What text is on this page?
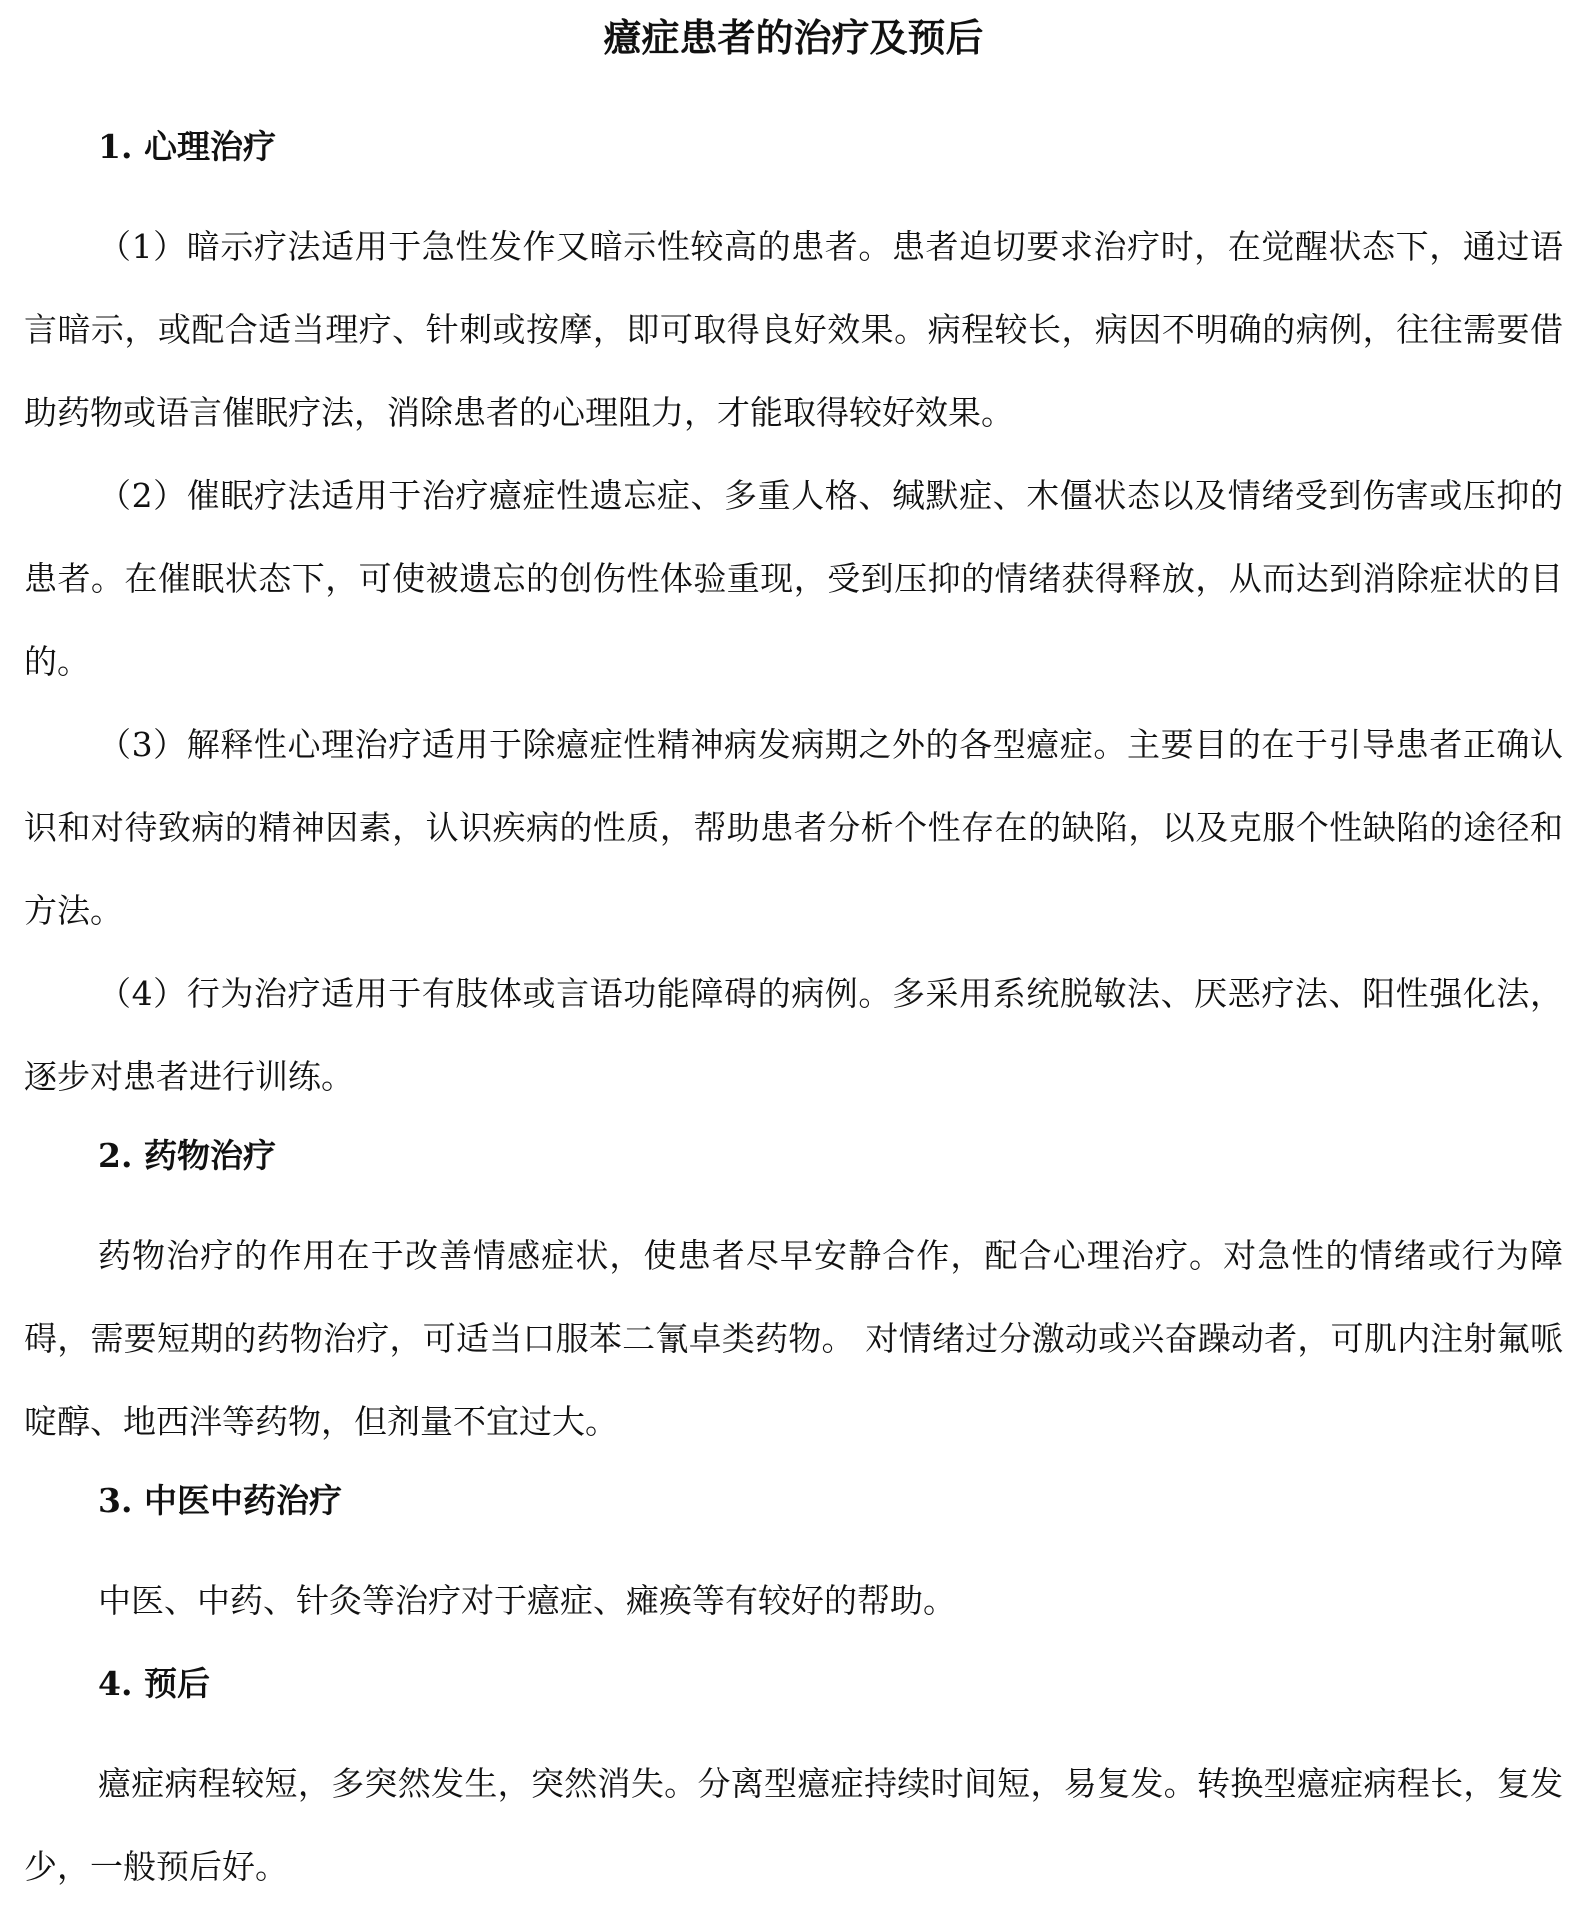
癔症患者的治疗及预后
1. 心理治疗

（1）暗示疗法适用于急性发作又暗示性较高的患者。患者迫切要求治疗时，在觉醒状态下，通过语言暗示，或配合适当理疗、针刺或按摩，即可取得良好效果。病程较长，病因不明确的病例，往往需要借助药物或语言催眠疗法，消除患者的心理阻力，才能取得较好效果。

（2）催眠疗法适用于治疗癔症性遗忘症、多重人格、缄默症、木僵状态以及情绪受到伤害或压抑的患者。在催眠状态下，可使被遗忘的创伤性体验重现，受到压抑的情绪获得释放，从而达到消除症状的目的。

（3）解释性心理治疗适用于除癔症性精神病发病期之外的各型癔症。主要目的在于引导患者正确认识和对待致病的精神因素，认识疾病的性质，帮助患者分析个性存在的缺陷，以及克服个性缺陷的途径和方法。

（4）行为治疗适用于有肢体或言语功能障碍的病例。多采用系统脱敏法、厌恶疗法、阳性强化法，逐步对患者进行训练。

2. 药物治疗

药物治疗的作用在于改善情感症状，使患者尽早安静合作，配合心理治疗。对急性的情绪或行为障碍，需要短期的药物治疗，可适当口服苯二氰卓类药物。 对情绪过分激动或兴奋躁动者，可肌内注射氟哌啶醇、地西泮等药物，但剂量不宜过大。

3. 中医中药治疗

中医、中药、针灸等治疗对于癔症、瘫痪等有较好的帮助。

4. 预后

癔症病程较短，多突然发生，突然消失。分离型癔症持续时间短，易复发。转换型癔症病程长，复发少，一般预后好。
